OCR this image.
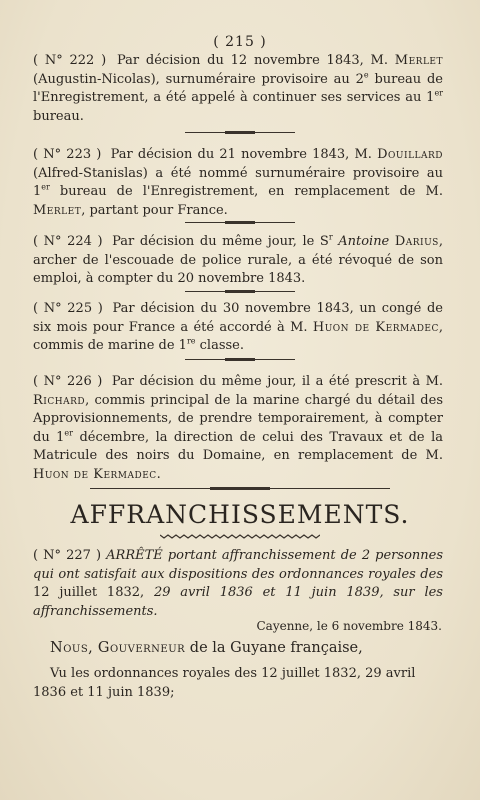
( 215 )
( N° 222 ) Par décision du 12 novembre 1843, M. Merlet (Augustin-Nicolas), surnuméraire provisoire au 2e bureau de l'Enregistrement, a été appelé à continuer ses services au 1er bureau.
( N° 223 ) Par décision du 21 novembre 1843, M. Douillard (Alfred-Stanislas) a été nommé surnuméraire provisoire au 1er bureau de l'Enregistrement, en remplacement de M. Merlet, partant pour France.
( N° 224 ) Par décision du même jour, le $S^r$ Antoine Darius, archer de l'escouade de police rurale, a été révoqué de son emploi, à compter du 20 novembre 1843.
( N° 225 ) Par décision du 30 novembre 1843, un congé de six mois pour France a été accordé à M. Huon de Kermadec, commis de marine de 1re classe.
( N° 226 ) Par décision du même jour, il a été prescrit à M. Richard, commis principal de la marine chargé du détail des Approvisionnements, de prendre temporairement, à compter du 1er décembre, la direction de celui des Travaux et de la Matricule des noirs du Domaine, en remplacement de M. Huon de Kermadec.
AFFRANCHISSEMENTS.
( N° 227 ) ARRÊTÉ portant affranchissement de 2 personnes qui ont satisfait aux dispositions des ordonnances royales des 12 juillet 1832, 29 avril 1836 et 11 juin 1839, sur les affranchissements.
Cayenne, le 6 novembre 1843.
Nous, Gouverneur de la Guyane française,
Vu les ordonnances royales des 12 juillet 1832, 29 avril 1836 et 11 juin 1839;
